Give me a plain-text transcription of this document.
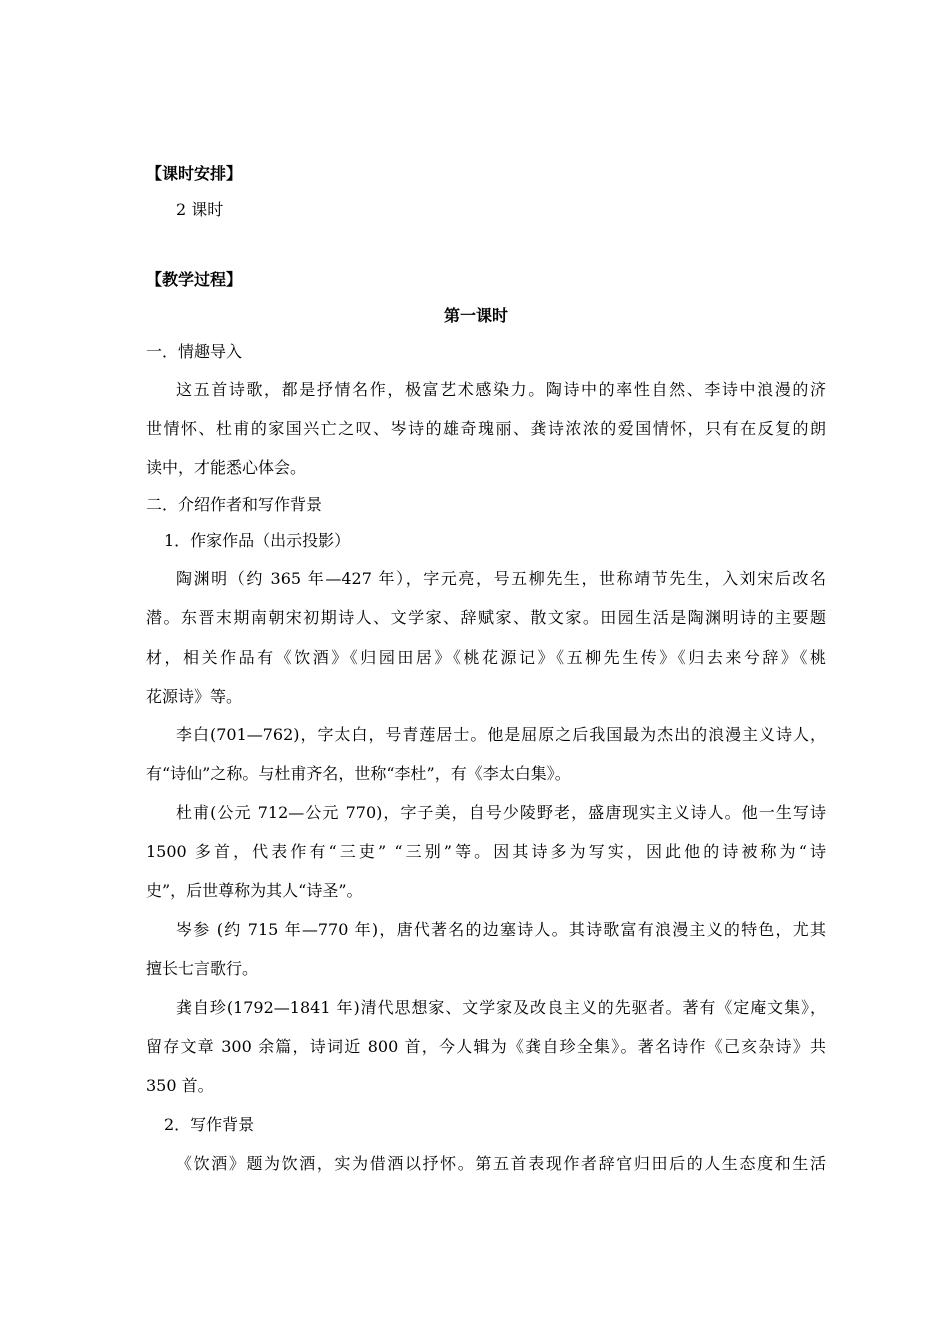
【课时安排】

2 课时

【教学过程】

第一课时

一．情趣导入

这五首诗歌，都是抒情名作，极富艺术感染力。陶诗中的率性自然、李诗中浪漫的济

世情怀、杜甫的家国兴亡之叹、岑诗的雄奇瑰丽、龚诗浓浓的爱国情怀，只有在反复的朗

读中，才能悉心体会。

二．介绍作者和写作背景

1．作家作品（出示投影）

陶渊明（约 365 年—427 年），字元亮，号五柳先生，世称靖节先生，入刘宋后改名

潜。东晋末期南朝宋初期诗人、文学家、辞赋家、散文家。田园生活是陶渊明诗的主要题

材，相关作品有《饮酒》《归园田居》《桃花源记》《五柳先生传》《归去来兮辞》《桃

花源诗》等。

李白(701—762)，字太白，号青莲居士。他是屈原之后我国最为杰出的浪漫主义诗人，

有“诗仙”之称。与杜甫齐名，世称“李杜”，有《李太白集》。

杜甫(公元 712—公元 770)，字子美，自号少陵野老，盛唐现实主义诗人。他一生写诗

1500 多首，代表作有“三吏” “三别”等。因其诗多为写实，因此他的诗被称为“诗

史”，后世尊称为其人“诗圣”。

岑参 (约 715 年—770 年)，唐代著名的边塞诗人。其诗歌富有浪漫主义的特色，尤其

擅长七言歌行。

龚自珍(1792—1841 年)清代思想家、文学家及改良主义的先驱者。著有《定庵文集》，

留存文章 300 余篇，诗词近 800 首，今人辑为《龚自珍全集》。著名诗作《己亥杂诗》共

350 首。

2．写作背景

《饮酒》题为饮酒，实为借酒以抒怀。第五首表现作者辞官归田后的人生态度和生活
